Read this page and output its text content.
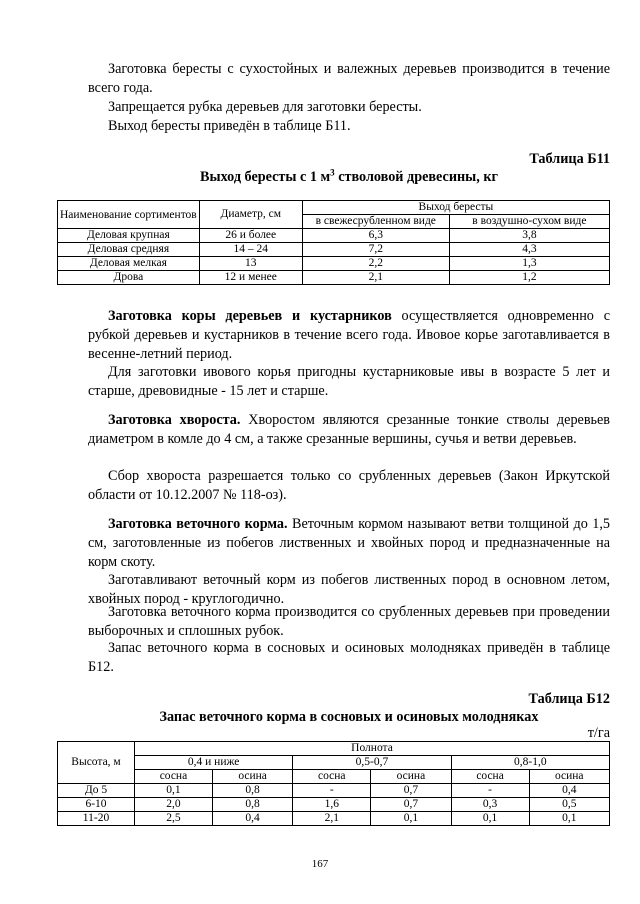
Заготовка бересты с сухостойных и валежных деревьев производится в течение всего года.

Запрещается рубка деревьев для заготовки бересты.

Выход бересты приведён в таблице Б11.

Таблица Б11

Выход бересты с 1 $м^3$ стволовой древесины, кг

Наименование сортиментов	Диаметр, см	Выход бересты	
		в свежесрубленном виде	в воздушно-сухом виде
Деловая крупная	26 и более	6,3	3,8
Деловая средняя	14 – 24	7,2	4,3
Деловая мелкая	13	2,2	1,3
Дрова	12 и менее	2,1	1,2

Заготовка коры деревьев и кустарников осуществляется одновременно с рубкой деревьев и кустарников в течение всего года. Ивовое корье заготавливается в весенне-летний период.

Для заготовки ивового корья пригодны кустарниковые ивы в возрасте 5 лет и старше, древовидные - 15 лет и старше.

Заготовка хвороста. Хворостом являются срезанные тонкие стволы деревьев диаметром в комле до 4 см, а также срезанные вершины, сучья и ветви деревьев.

Сбор хвороста разрешается только со срубленных деревьев (Закон Иркутской области от 10.12.2007 № 118-оз).

Заготовка веточного корма. Веточным кормом называют ветви толщиной до 1,5 см, заготовленные из побегов лиственных и хвойных пород и предназначенные на корм скоту.

Заготавливают веточный корм из побегов лиственных пород в основном летом, хвойных пород - круглогодично.

Заготовка веточного корма производится со срубленных деревьев при проведении выборочных и сплошных рубок.

Запас веточного корма в сосновых и осиновых молодняках приведён в таблице Б12.

Таблица Б12

Запас веточного корма в сосновых и осиновых молодняках

т/га

Высота, м	Полнота					
	0,4 и ниже		0,5-0,7		0,8-1,0	
	сосна	осина	сосна	осина	сосна	осина
До 5	0,1	0,8	-	0,7	-	0,4
6-10	2,0	0,8	1,6	0,7	0,3	0,5
11-20	2,5	0,4	2,1	0,1	0,1	0,1
167
